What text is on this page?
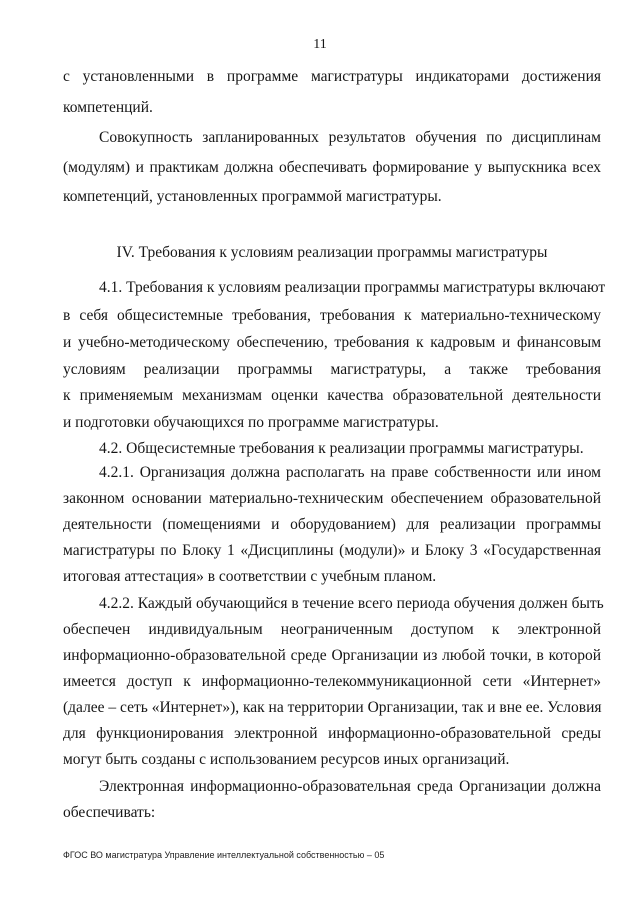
11
с установленными в программе магистратуры индикаторами достижения
компетенций.
Совокупность запланированных результатов обучения по дисциплинам
(модулям) и практикам должна обеспечивать формирование у выпускника всех
компетенций, установленных программой магистратуры.
IV. Требования к условиям реализации программы магистратуры
4.1. Требования к условиям реализации программы магистратуры включают
в себя общесистемные требования, требования к материально-техническому
и учебно-методическому обеспечению, требования к кадровым и финансовым
условиям реализации программы магистратуры, а также требования
к применяемым механизмам оценки качества образовательной деятельности
и подготовки обучающихся по программе магистратуры.
4.2. Общесистемные требования к реализации программы магистратуры.
4.2.1. Организация должна располагать на праве собственности или ином
законном основании материально-техническим обеспечением образовательной
деятельности (помещениями и оборудованием) для реализации программы
магистратуры по Блоку 1 «Дисциплины (модули)» и Блоку 3 «Государственная
итоговая аттестация» в соответствии с учебным планом.
4.2.2. Каждый обучающийся в течение всего периода обучения должен быть
обеспечен индивидуальным неограниченным доступом к электронной
информационно-образовательной среде Организации из любой точки, в которой
имеется доступ к информационно-телекоммуникационной сети «Интернет»
(далее – сеть «Интернет»), как на территории Организации, так и вне ее. Условия
для функционирования электронной информационно-образовательной среды
могут быть созданы с использованием ресурсов иных организаций.
Электронная информационно-образовательная среда Организации должна
обеспечивать:
ФГОС ВО магистратура Управление интеллектуальной собственностью – 05
